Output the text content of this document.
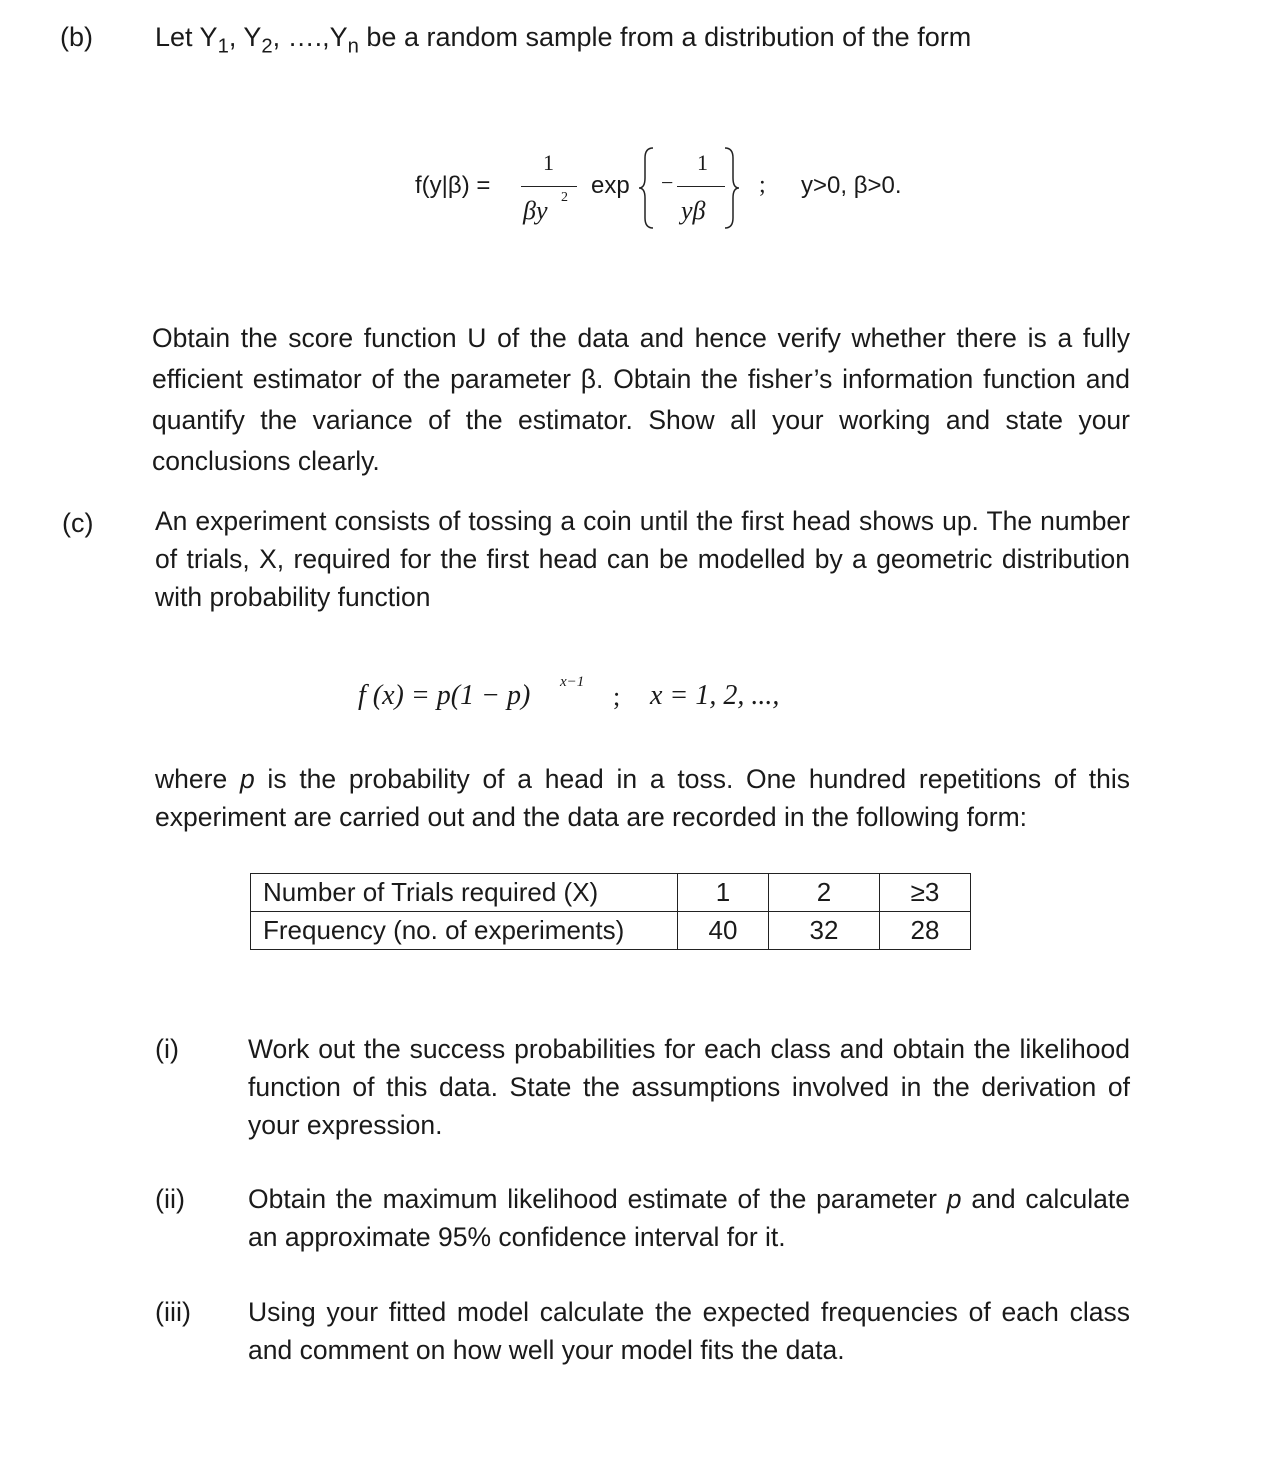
(b) Let $Y_1$, $Y_2$, $\dots.,Y_n$ be a random sample from a distribution of the form
f(y|β) =
1
βy 2 exp −
1
yβ
; y>0, β>0.
Obtain the score function U of the data and hence verify whether there is a fully efficient estimator of the parameter β. Obtain the fisher’s information function and quantify the variance of the estimator. Show all your working and state your conclusions clearly.
(c) An experiment consists of tossing a coin until the first head shows up. The number of trials, X, required for the first head can be modelled by a geometric distribution with probability function
f (x) = p(1 − p) x−1 ; x = 1, 2, ...,
where p is the probability of a head in a toss. One hundred repetitions of this experiment are carried out and the data are recorded in the following form:
Number of Trials required (X)	1	2	≥3
Frequency (no. of experiments)	40	32	28
(i)	Work out the success probabilities for each class and obtain the likelihood function of this data. State the assumptions involved in the derivation of your expression.
(ii) Obtain the maximum likelihood estimate of the parameter p and calculate an approximate 95% confidence interval for it.
(iii) Using your fitted model calculate the expected frequencies of each class and comment on how well your model fits the data.
